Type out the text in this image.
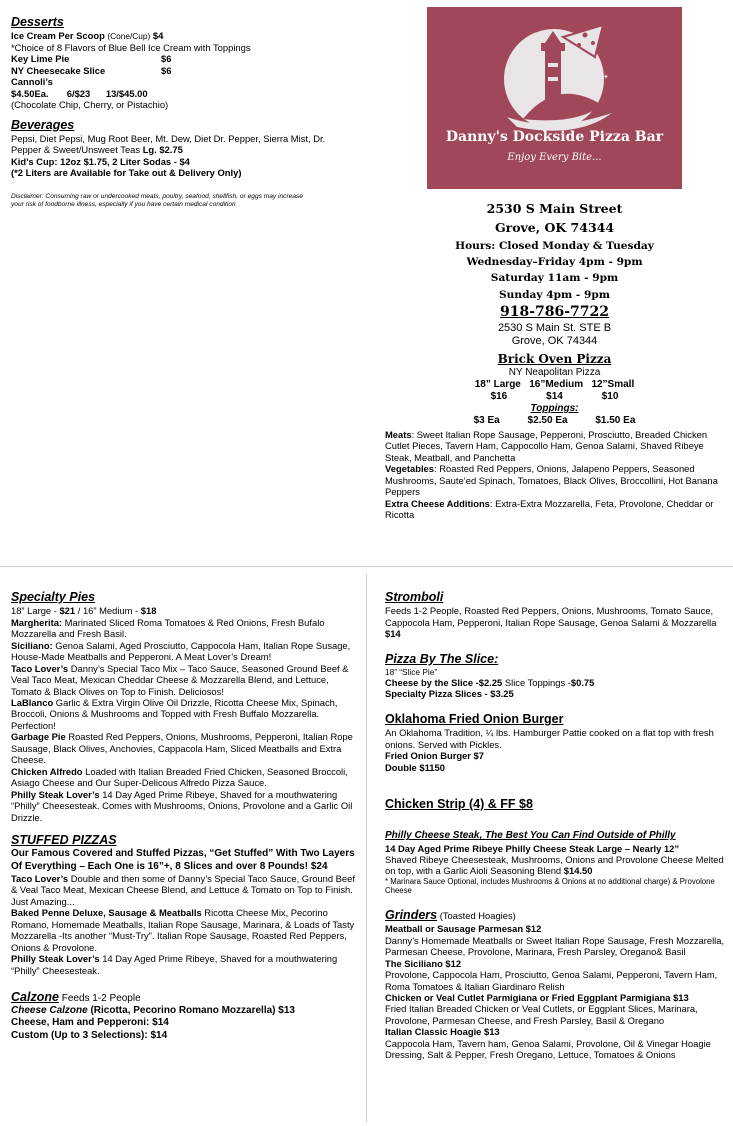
Desserts
Ice Cream Per Scoop (Cone/Cup) $4
*Choice of 8 Flavors of Blue Bell Ice Cream with Toppings
Key Lime Pie	$6
NY Cheesecake Slice	$6
Cannoli’s
$4.50Ea.       6/$23      13/$45.00
(Chocolate Chip, Cherry, or Pistachio)
Beverages
Pepsi, Diet Pepsi, Mug Root Beer, Mt. Dew, Diet Dr. Pepper, Sierra Mist, Dr.
Pepper & Sweet/Unsweet Teas Lg. $2.75
Kid’s Cup: 12oz $1.75, 2 Liter Sodas - $4
(*2 Liters are Available for Take out & Delivery Only)
Disclaimer: Consuming raw or undercooked meats, poultry, seafood, shellfish, or eggs may increase
your risk of foodborne illness, especially if you have certain medical condition
✦
✦
Danny's Dockside Pizza Bar
Enjoy Every Bite...
2530 S Main Street
Grove, OK 74344
Hours: Closed Monday & Tuesday
Wednesday–Friday 4pm - 9pm
Saturday 11am - 9pm
Sunday 4pm - 9pm
918-786-7722
2530 S Main St. STE B
Grove, OK 74344
Brick Oven Pizza
NY Neapolitan Pizza
18” Large   16”Medium   12”Small
$16              $14              $10
Toppings:
$3 Ea          $2.50 Ea          $1.50 Ea

Meats: Sweet Italian Rope Sausage, Pepperoni, Prosciutto, Breaded Chicken Cutlet Pieces, Tavern Ham, Cappocollo Ham, Genoa Salami, Shaved Ribeye Steak, Meatball, and Panchetta

Vegetables: Roasted Red Peppers, Onions, Jalapeno Peppers, Seasoned Mushrooms, Saute’ed Spinach, Tomatoes, Black Olives, Broccollini, Hot Banana Peppers

Extra Cheese Additions: Extra-Extra Mozzarella, Feta, Provolone, Cheddar or Ricotta

Specialty Pies
18” Large - $21 / 16” Medium - $18

Margherita: Marinated Sliced Roma Tomatoes & Red Onions, Fresh Bufalo Mozzarella and Fresh Basil.

Siciliano: Genoa Salami, Aged Prosciutto, Cappocola Ham, Italian Rope Susage, House-Made Meatballs and Pepperoni. A Meat Lover’s Dream!

Taco Lover’s Danny’s Special Taco Mix – Taco Sauce, Seasoned Ground Beef & Veal Taco Meat, Mexican Cheddar Cheese & Mozzarella Blend, and Lettuce, Tomato & Black Olives on Top to Finish. Deliciosos!

LaBlanco Garlic & Extra Virgin Olive Oil Drizzle, Ricotta Cheese Mix, Spinach, Broccoli, Onions & Mushrooms and Topped with Fresh Buffalo Mozzarella. Perfection!

Garbage Pie Roasted Red Peppers, Onions, Mushrooms, Pepperoni, Italian Rope Sausage, Black Olives, Anchovies, Cappacola Ham, Sliced Meatballs and Extra Cheese.

Chicken Alfredo Loaded with Italian Breaded Fried Chicken, Seasoned Broccoli, Asiago Cheese and Our Super-Delicous Alfredo Pizza Sauce.

Philly Steak Lover’s 14 Day Aged Prime Ribeye, Shaved for a mouthwatering “Philly” Cheesesteak. Comes with Mushrooms, Onions, Provolone and a Garlic Oil Drizzle.

STUFFED PIZZAS

Our Famous Covered and Stuffed Pizzas, “Get Stuffed” With Two Layers Of Everything – Each One is 16”+, 8 Slices and over 8 Pounds! $24

Taco Lover’s Double and then some of Danny’s Special Taco Sauce, Ground Beef & Veal Taco Meat, Mexican Cheese Blend, and Lettuce & Tomato on Top to Finish. Just Amazing...

Baked Penne Deluxe, Sausage & Meatballs Ricotta Cheese Mix, Pecorino Romano, Homemade Meatballs, Italian Rope Sausage, Marinara, & Loads of Tasty Mozzarella -Its another “Must-Try”. Italian Rope Sausage, Roasted Red Peppers, Onions & Provolone.

Philly Steak Lover’s 14 Day Aged Prime Ribeye, Shaved for a mouthwatering “Philly” Cheesesteak.

Calzone Feeds 1-2 People
Cheese Calzone (Ricotta, Pecorino Romano Mozzarella) $13
Cheese, Ham and Pepperoni: $14
Custom (Up to 3 Selections): $14
Stromboli
Feeds 1-2 People, Roasted Red Peppers, Onions, Mushrooms, Tomato Sauce, Cappocola Ham, Pepperoni, Italian Rope Sausage, Genoa Salami & Mozzarella
$14
Pizza By The Slice:
18” “Slice Pie”
Cheese by the Slice -$2.25 Slice Toppings -$0.75
Specialty Pizza Slices - $3.25
Oklahoma Fried Onion Burger
An Oklahoma Tradition, ¼ lbs. Hamburger Pattie cooked on a flat top with fresh onions. Served with Pickles.
Fried Onion Burger $7
Double $1150
Chicken Strip (4) & FF $8
Philly Cheese Steak, The Best You Can Find Outside of Philly
14 Day Aged Prime Ribeye Philly Cheese Steak Large – Nearly 12”
Shaved Ribeye Cheesesteak, Mushrooms, Onions and Provolone Cheese Melted on top, with a Garlic Aioli Seasoning Blend $14.50
* Marinara Sauce Optional, includes Mushrooms & Onions at no additional charge) & Provolone Cheese
Grinders (Toasted Hoagies)
Meatball or Sausage Parmesan $12
Danny’s Homemade Meatballs or Sweet Italian Rope Sausage, Fresh Mozzarella, Parmesan Cheese, Provolone, Marinara, Fresh Parsley, Oregano& Basil
The Siciliano $12
Provolone, Cappocola Ham, Prosciutto, Genoa Salami, Pepperoni, Tavern Ham, Roma Tomatoes & Italian Giardinaro Relish
Chicken or Veal Cutlet Parmigiana or Fried Eggplant Parmigiana $13
Fried Italian Breaded Chicken or Veal Cutlets, or Eggplant Slices, Marinara, Provolone, Parmesan Cheese, and Fresh Parsley, Basil & Oregano
Italian Classic Hoagie $13
Cappocola Ham, Tavern ham, Genoa Salami, Provolone, Oil & Vinegar Hoagie Dressing, Salt & Pepper, Fresh Oregano, Lettuce, Tomatoes & Onions
